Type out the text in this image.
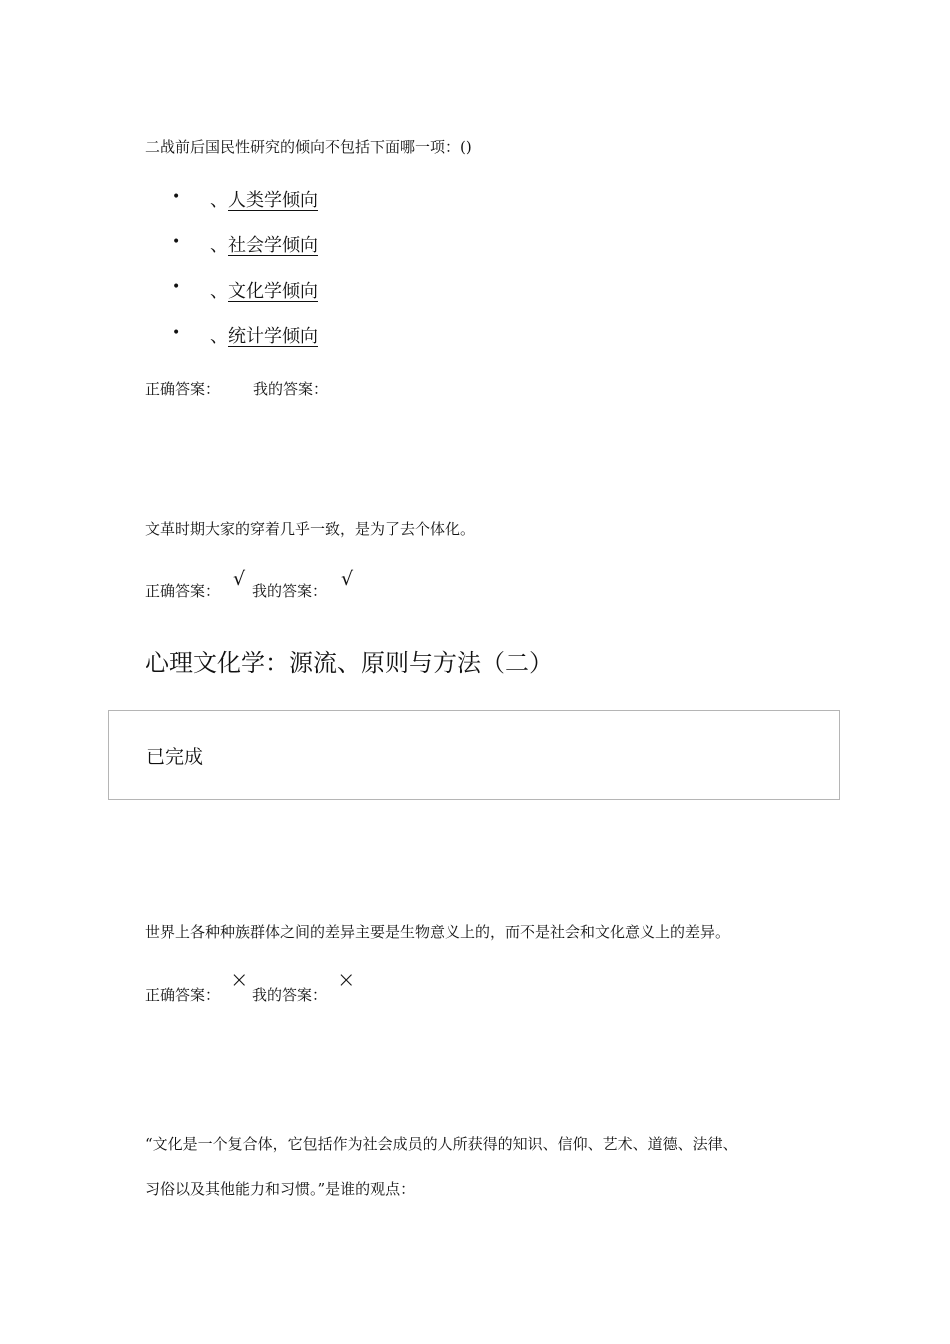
二战前后国民性研究的倾向不包括下面哪一项：()
• 、人类学倾向
• 、社会学倾向
• 、文化学倾向
• 、统计学倾向
正确答案： 我的答案：
文革时期大家的穿着几乎一致，是为了去个体化。
正确答案：
√
我的答案：
√
心理文化学：源流、原则与方法（二）
已完成
世界上各种种族群体之间的差异主要是生物意义上的，而不是社会和文化意义上的差异。
正确答案：
×
我的答案：
×
“文化是一个复合体，它包括作为社会成员的人所获得的知识、信仰、艺术、道德、法律、
习俗以及其他能力和习惯。”是谁的观点：
